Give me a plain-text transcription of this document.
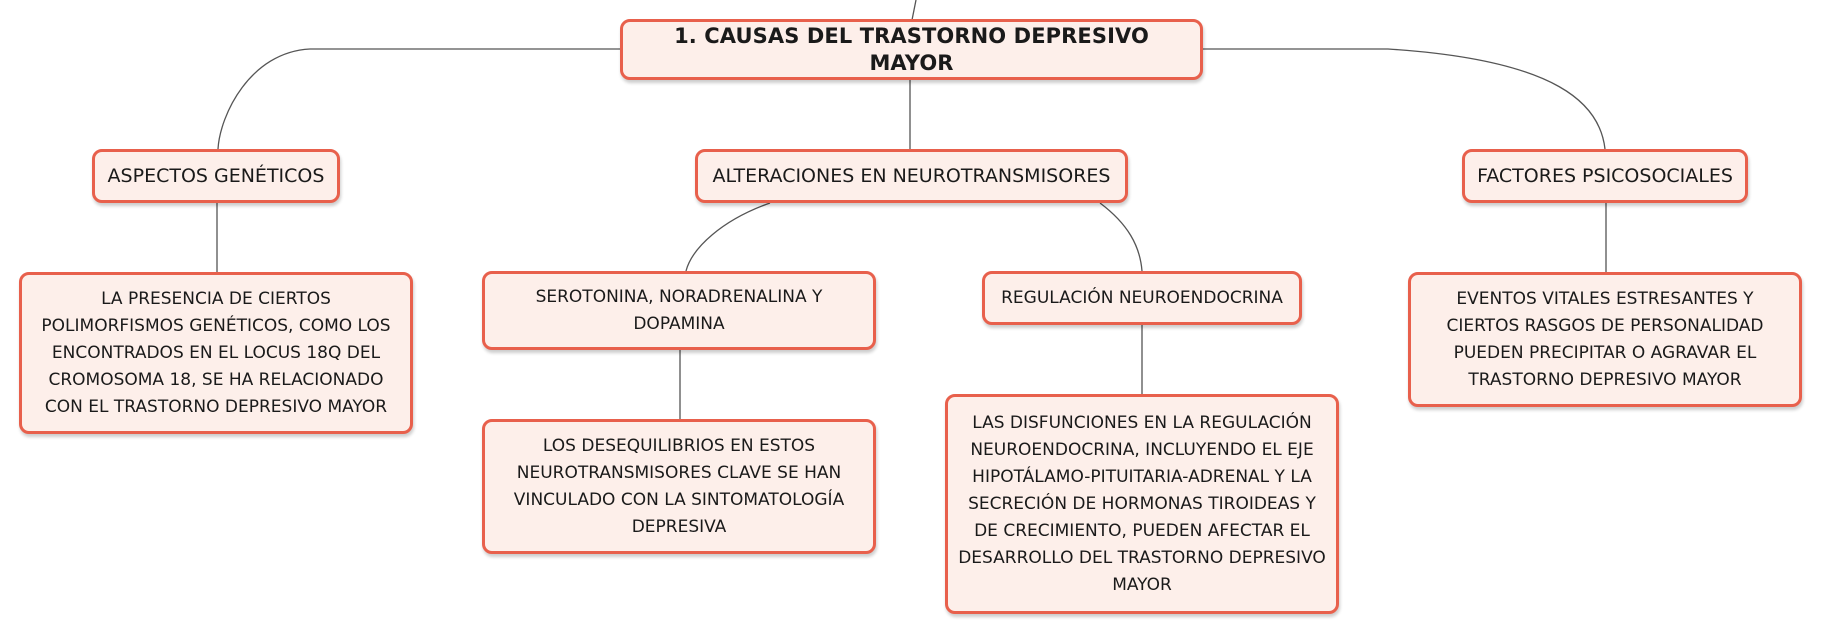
1. CAUSAS DEL TRASTORNO DEPRESIVO MAYOR
ASPECTOS GENÉTICOS	ALTERACIONES EN NEUROTRANSMISORES	FACTORES PSICOSOCIALES
LA PRESENCIA DE CIERTOS POLIMORFISMOS GENÉTICOS, COMO LOS ENCONTRADOS EN EL LOCUS 18Q DEL CROMOSOMA 18, SE HA RELACIONADO CON EL TRASTORNO DEPRESIVO MAYOR
SEROTONINA, NORADRENALINA Y DOPAMINA
REGULACIÓN NEUROENDOCRINA	EVENTOS VITALES ESTRESANTES Y CIERTOS RASGOS DE PERSONALIDAD PUEDEN PRECIPITAR O AGRAVAR EL TRASTORNO DEPRESIVO MAYOR
LOS DESEQUILIBRIOS EN ESTOS NEUROTRANSMISORES CLAVE SE HAN VINCULADO CON LA SINTOMATOLOGÍA DEPRESIVA
LAS DISFUNCIONES EN LA REGULACIÓN NEUROENDOCRINA, INCLUYENDO EL EJE HIPOTÁLAMO-PITUITARIA-ADRENAL Y LA SECRECIÓN DE HORMONAS TIROIDEAS Y DE CRECIMIENTO, PUEDEN AFECTAR EL DESARROLLO DEL TRASTORNO DEPRESIVO MAYOR
